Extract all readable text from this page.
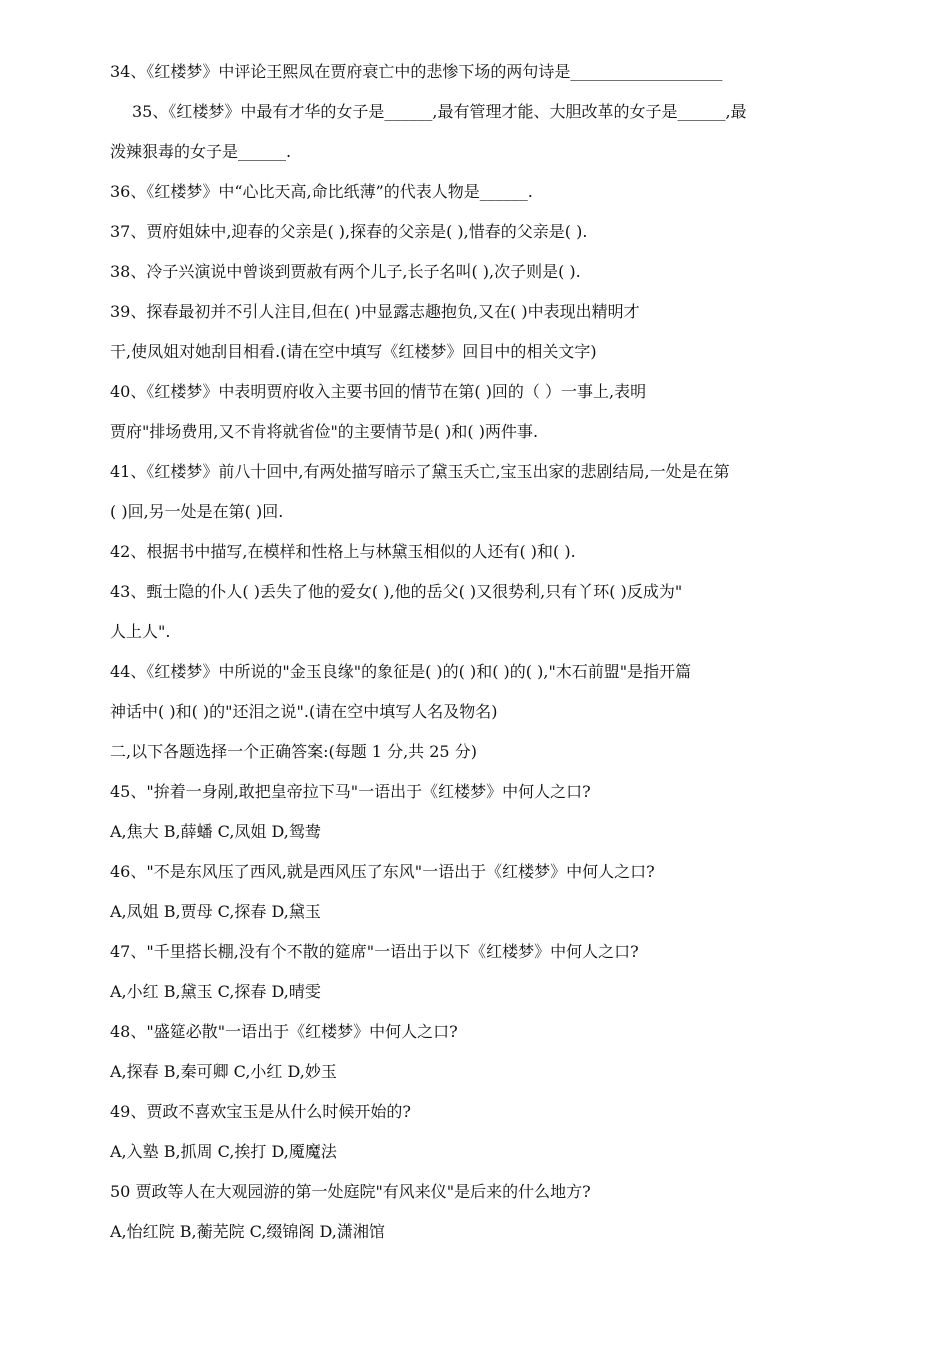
34、《红楼梦》中评论王熙凤在贾府衰亡中的悲惨下场的两句诗是___________________
35、《红楼梦》中最有才华的女子是______,最有管理才能、大胆改革的女子是______,最
泼辣狠毒的女子是______.
36、《红楼梦》中“心比天高,命比纸薄”的代表人物是______.
37、贾府姐妹中,迎春的父亲是( ),探春的父亲是( ),惜春的父亲是( ).
38、冷子兴演说中曾谈到贾赦有两个儿子,长子名叫( ),次子则是( ).
39、探春最初并不引人注目,但在( )中显露志趣抱负,又在( )中表现出精明才
干,使凤姐对她刮目相看.(请在空中填写《红楼梦》回目中的相关文字)
40、《红楼梦》中表明贾府收入主要书回的情节在第( )回的（ ）一事上,表明
贾府"排场费用,又不肯将就省俭"的主要情节是( )和( )两件事.
41、《红楼梦》前八十回中,有两处描写暗示了黛玉夭亡,宝玉出家的悲剧结局,一处是在第
( )回,另一处是在第( )回.
42、根据书中描写,在模样和性格上与林黛玉相似的人还有( )和( ).
43、甄士隐的仆人( )丢失了他的爱女( ),他的岳父( )又很势利,只有丫环( )反成为"
人上人".
44、《红楼梦》中所说的"金玉良缘"的象征是( )的( )和( )的( ),"木石前盟"是指开篇
神话中( )和( )的"还泪之说".(请在空中填写人名及物名)
二,以下各题选择一个正确答案:(每题 1 分,共 25 分)
45、"拚着一身剐,敢把皇帝拉下马"一语出于《红楼梦》中何人之口?
A,焦大 B,薛蟠 C,凤姐 D,鸳鸯
46、"不是东风压了西风,就是西风压了东风"一语出于《红楼梦》中何人之口?
A,凤姐 B,贾母 C,探春 D,黛玉
47、"千里搭长棚,没有个不散的筵席"一语出于以下《红楼梦》中何人之口?
A,小红 B,黛玉 C,探春 D,晴雯
48、"盛筵必散"一语出于《红楼梦》中何人之口?
A,探春 B,秦可卿 C,小红 D,妙玉
49、贾政不喜欢宝玉是从什么时候开始的?
A,入塾 B,抓周 C,挨打 D,魇魔法
50 贾政等人在大观园游的第一处庭院"有风来仪"是后来的什么地方?
A,怡红院 B,蘅芜院 C,缀锦阁 D,潇湘馆
